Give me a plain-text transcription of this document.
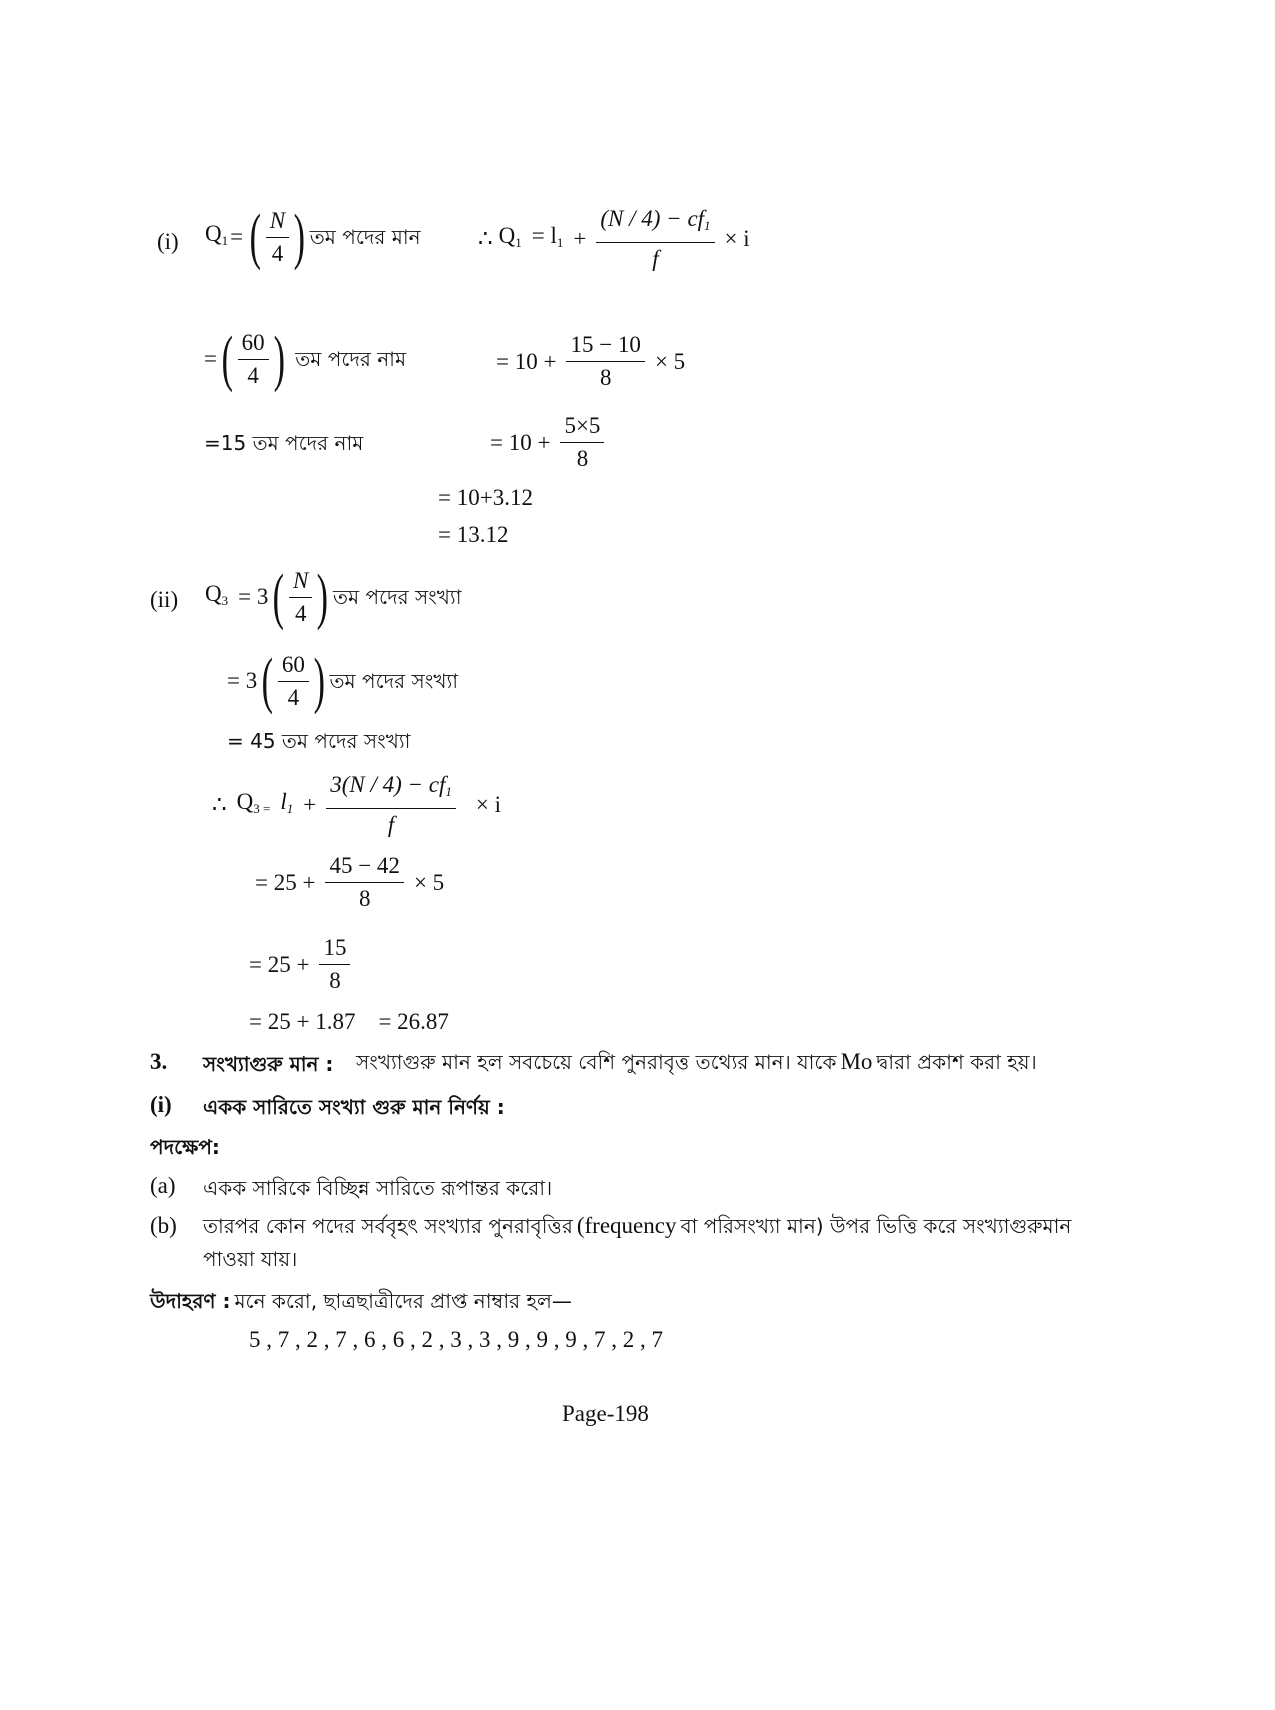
(i) $Q_1$ = ( $\frac{N}{4}$ ) তম পদের মান ∴ $Q_1 = l_1 + \frac{(N / 4) - cf_1}{f} \times i$
= ( $\frac{60}{4}$ ) তম পদের নাম	= $10 + \frac{15 - 10}{8} \times 5$
=15 তম পদের নাম	= $10 + \frac{5\times 5}{8}$
= 10+3.12
= 13.12
(ii) $Q_3 = 3$ ( $\frac{N}{4}$ ) তম পদের সংখ্যা
= 3 ( $\frac{60}{4}$ ) তম পদের সংখ্যা
= 45 তম পদের সংখ্যা
∴ $Q_{3 =}$ $l_1 + \frac{3(N / 4) - cf_1}{f} \times i$
= $25 + \frac{45 - 42}{8} \times 5$
= $25 + \frac{15}{8}$
= 25 + 1.87    = 26.87
3. সংখ্যাগুরু মান : সংখ্যাগুরু মান হল সবচেয়ে বেশি পুনরাবৃত্ত তথ্যের মান। যাকে Mo দ্বারা প্রকাশ করা হয়।
(i) একক সারিতে সংখ্যা গুরু মান নির্ণয় :
পদক্ষেপ:
(a) একক সারিকে বিচ্ছিন্ন সারিতে রূপান্তর করো।
(b) তারপর কোন পদের সর্ববৃহৎ সংখ্যার পুনরাবৃত্তির (frequency বা পরিসংখ্যা মান) উপর ভিত্তি করে সংখ্যাগুরুমান
পাওয়া যায়।
উদাহরণ : মনে করো, ছাত্রছাত্রীদের প্রাপ্ত নাম্বার হল—
5 , 7 , 2 , 7 , 6 , 6 , 2 , 3 , 3 , 9 , 9 , 9 , 7 , 2 , 7
Page-198
